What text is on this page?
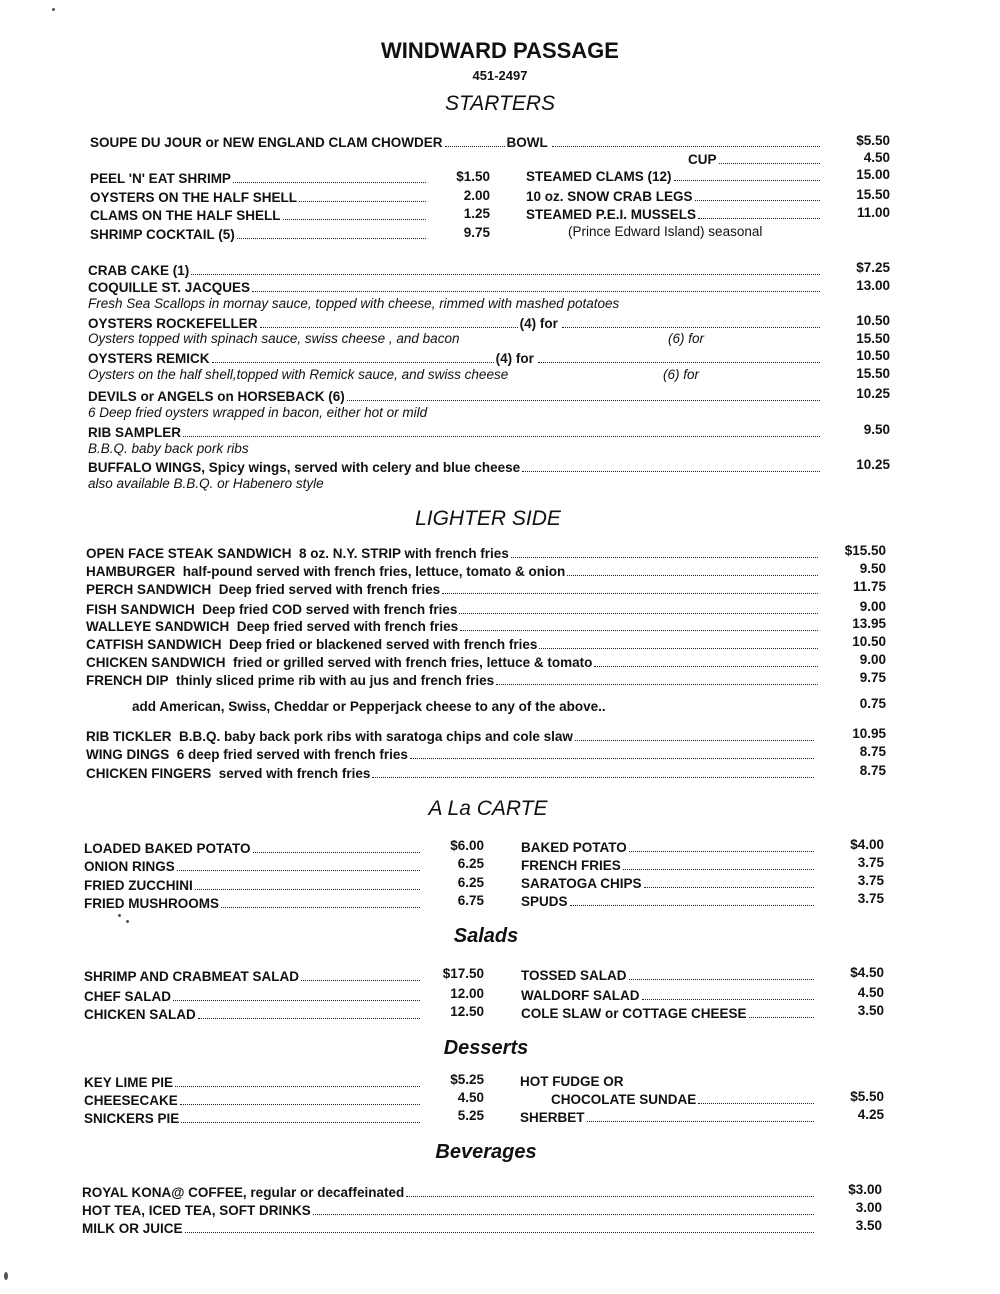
WINDWARD PASSAGE
451-2497
STARTERS
SOUPE DU JOUR or NEW ENGLAND CLAM CHOWDER	BOWL	$5.50
CUP	4.50
PEEL 'N' EAT SHRIMP	$1.50
OYSTERS ON THE HALF SHELL	2.00
CLAMS ON THE HALF SHELL	1.25
SHRIMP COCKTAIL (5)	9.75
STEAMED CLAMS (12)	15.00
10 oz. SNOW CRAB LEGS	15.50
STEAMED P.E.I. MUSSELS	11.00
(Prince Edward Island) seasonal
CRAB CAKE (1)	$7.25
COQUILLE ST. JACQUES	13.00
Fresh Sea Scallops in mornay sauce, topped with cheese, rimmed with mashed potatoes
OYSTERS ROCKEFELLER	(4) for	10.50
Oysters topped with spinach sauce, swiss cheese , and bacon	(6) for	15.50
OYSTERS REMICK	(4) for	10.50
Oysters on the half shell,topped with Remick sauce, and swiss cheese	(6) for	15.50
DEVILS or ANGELS on HORSEBACK (6)	10.25
6 Deep fried oysters wrapped in bacon, either hot or mild
RIB SAMPLER	9.50
B.B.Q. baby back pork ribs
BUFFALO WINGS, Spicy wings, served with celery and blue cheese	10.25
also available B.B.Q. or Habenero style
LIGHTER SIDE
OPEN FACE STEAK SANDWICH
8 oz. N.Y. STRIP with french fries	$15.50
HAMBURGER
half-pound served with french fries, lettuce, tomato & onion	9.50
PERCH SANDWICH
Deep fried served with french fries	11.75
FISH SANDWICH
Deep fried COD served with french fries	9.00
WALLEYE SANDWICH
Deep fried served with french fries	13.95
CATFISH SANDWICH
Deep fried or blackened served with french fries	10.50
CHICKEN SANDWICH
fried or grilled served with french fries, lettuce & tomato	9.00
FRENCH DIP
thinly sliced prime rib with au jus and french fries	9.75
add American, Swiss, Cheddar or Pepperjack cheese to any of the above..	0.75
RIB TICKLER
B.B.Q. baby back pork ribs with saratoga chips and cole slaw	10.95
WING DINGS
6 deep fried served with french fries	8.75
CHICKEN FINGERS
served with french fries	8.75
A La CARTE
LOADED BAKED POTATO	$6.00
ONION RINGS	6.25
FRIED ZUCCHINI	6.25
FRIED MUSHROOMS	6.75
BAKED POTATO	$4.00
FRENCH FRIES	3.75
SARATOGA CHIPS	3.75
SPUDS	3.75
Salads
SHRIMP AND CRABMEAT SALAD	$17.50
CHEF SALAD	12.00
CHICKEN SALAD	12.50
TOSSED SALAD	$4.50
WALDORF SALAD	4.50
COLE SLAW or COTTAGE CHEESE	3.50
Desserts
KEY LIME PIE	$5.25
CHEESECAKE	4.50
SNICKERS PIE	5.25
HOT FUDGE OR
CHOCOLATE SUNDAE	$5.50
SHERBET	4.25
Beverages
ROYAL KONA@ COFFEE, regular or decaffeinated	$3.00
HOT TEA, ICED TEA, SOFT DRINKS	3.00
MILK OR JUICE	3.50
